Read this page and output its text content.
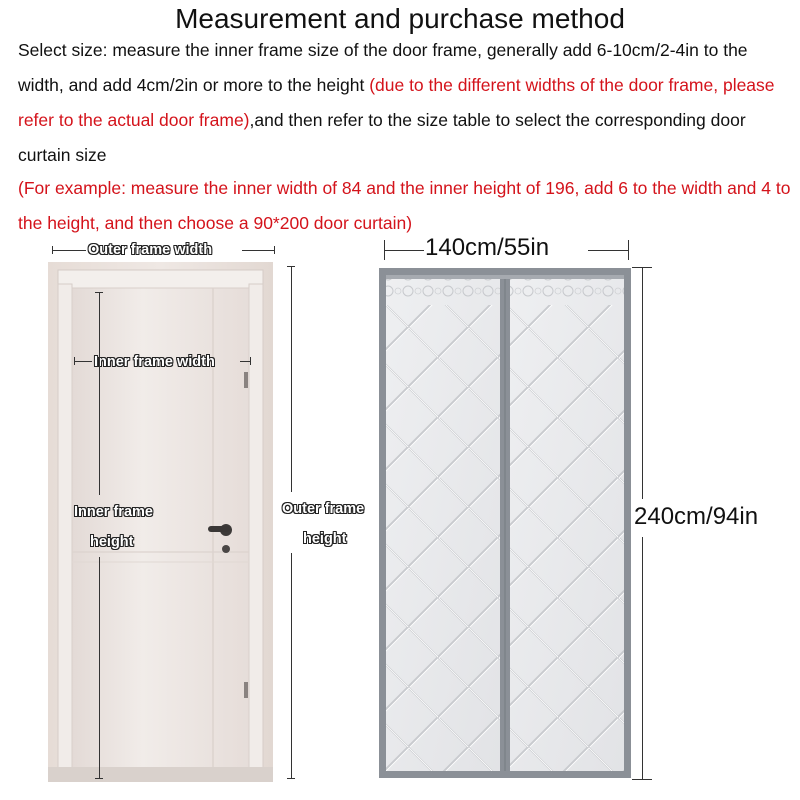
Measurement and purchase method
Select size: measure the inner frame size of the door frame, generally add 6-10cm/2-4in to the width, and add 4cm/2in or more to the height (due to the different widths of the door frame, please refer to the actual door frame),and then refer to the size table to select the corresponding door curtain size
(For example: measure the inner width of 84 and the inner height of 196, add 6 to the width and 4 to the height, and then choose a 90*200 door curtain)
Outer frame width
Inner frame width
Inner frame
height
Outer frame
height
140cm/55in
240cm/94in
